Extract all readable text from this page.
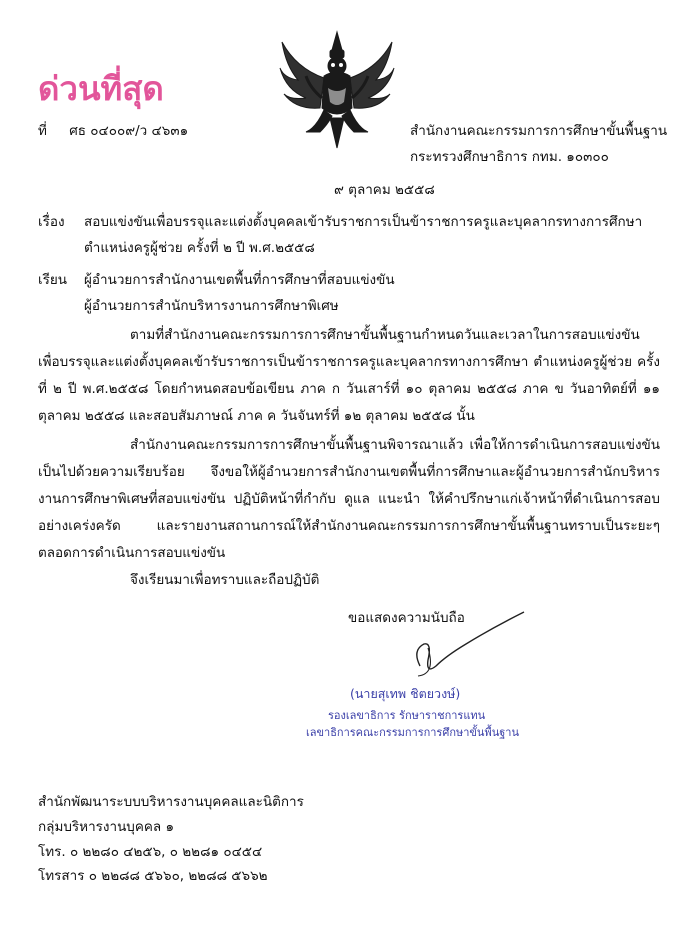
ด่วนที่สุด
ที่ ศธ ๐๔๐๐๙/ว ๔๖๓๑	สำนักงานคณะกรรมการการศึกษาขั้นพื้นฐาน
กระทรวงศึกษาธิการ กทม. ๑๐๓๐๐
๙ ตุลาคม ๒๕๕๘
เรื่อง สอบแข่งขันเพื่อบรรจุและแต่งตั้งบุคคลเข้ารับราชการเป็นข้าราชการครูและบุคลากรทางการศึกษา
ตำแหน่งครูผู้ช่วย ครั้งที่ ๒ ปี พ.ศ.๒๕๕๘
เรียน ผู้อำนวยการสำนักงานเขตพื้นที่การศึกษาที่สอบแข่งขัน
ผู้อำนวยการสำนักบริหารงานการศึกษาพิเศษ
ตามที่สำนักงานคณะกรรมการการศึกษาขั้นพื้นฐานกำหนดวันและเวลาในการสอบแข่งขันเพื่อบรรจุและแต่งตั้งบุคคลเข้ารับราชการเป็นข้าราชการครูและบุคลากรทางการศึกษา ตำแหน่งครูผู้ช่วย ครั้งที่ ๒ ปี พ.ศ.๒๕๕๘ โดยกำหนดสอบข้อเขียน ภาค ก วันเสาร์ที่ ๑๐ ตุลาคม ๒๕๕๘ ภาค ข วันอาทิตย์ที่ ๑๑ ตุลาคม ๒๕๕๘ และสอบสัมภาษณ์ ภาค ค วันจันทร์ที่ ๑๒ ตุลาคม ๒๕๕๘ นั้น
สำนักงานคณะกรรมการการศึกษาขั้นพื้นฐานพิจารณาแล้ว เพื่อให้การดำเนินการสอบแข่งขันเป็นไปด้วยความเรียบร้อย จึงขอให้ผู้อำนวยการสำนักงานเขตพื้นที่การศึกษาและผู้อำนวยการสำนักบริหารงานการศึกษาพิเศษที่สอบแข่งขัน ปฏิบัติหน้าที่กำกับ ดูแล แนะนำ ให้คำปรึกษาแก่เจ้าหน้าที่ดำเนินการสอบอย่างเคร่งครัด และรายงานสถานการณ์ให้สำนักงานคณะกรรมการการศึกษาขั้นพื้นฐานทราบเป็นระยะๆ ตลอดการดำเนินการสอบแข่งขัน
จึงเรียนมาเพื่อทราบและถือปฏิบัติ
ขอแสดงความนับถือ
(นายสุเทพ ชิตยวงษ์)
รองเลขาธิการ รักษาราชการแทน
เลขาธิการคณะกรรมการการศึกษาขั้นพื้นฐาน
สำนักพัฒนาระบบบริหารงานบุคคลและนิติการ
กลุ่มบริหารงานบุคคล ๑
โทร. ๐ ๒๒๘๐ ๔๒๕๖, ๐ ๒๒๘๑ ๐๔๕๔
โทรสาร ๐ ๒๒๘๘ ๕๖๖๐, ๒๒๘๘ ๕๖๖๒
